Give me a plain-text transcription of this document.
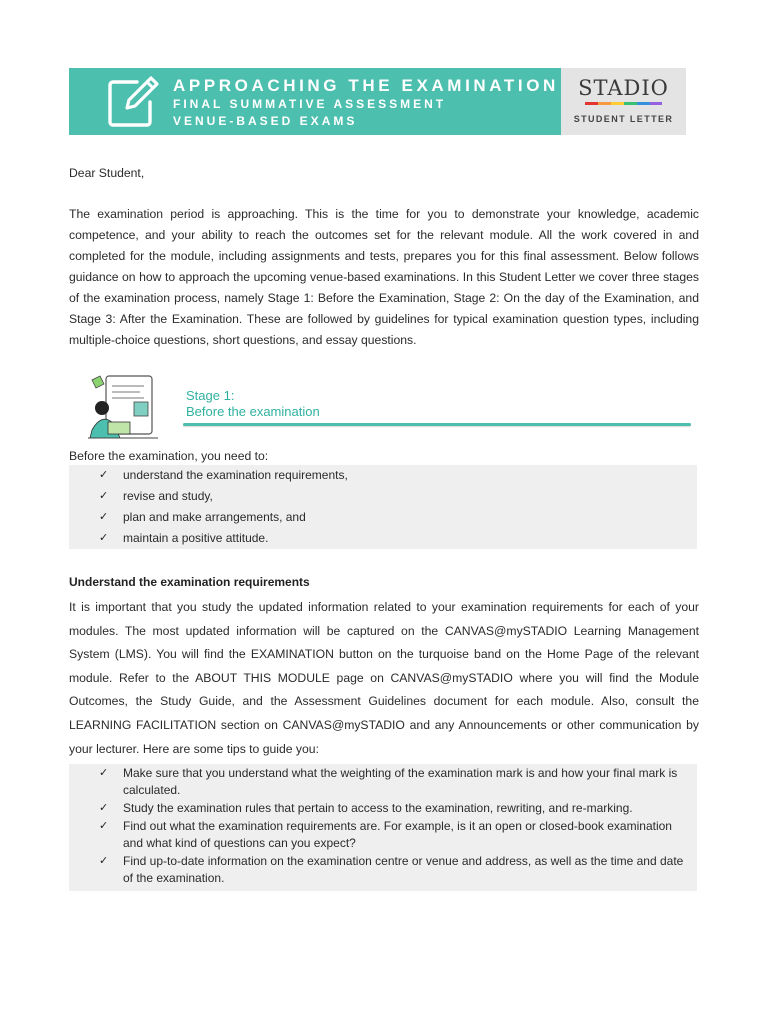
APPROACHING THE EXAMINATION
FINAL SUMMATIVE ASSESSMENT
VENUE-BASED EXAMS
STADIO
STUDENT LETTER

Dear Student,

The examination period is approaching. This is the time for you to demonstrate your knowledge, academic competence, and your ability to reach the outcomes set for the relevant module. All the work covered in and completed for the module, including assignments and tests, prepares you for this final assessment. Below follows guidance on how to approach the upcoming venue-based examinations. In this Student Letter we cover three stages of the examination process, namely Stage 1: Before the Examination, Stage 2: On the day of the Examination, and Stage 3: After the Examination. These are followed by guidelines for typical examination question types, including multiple-choice questions, short questions, and essay questions.

Stage 1:
Before the examination

Before the examination, you need to:

✓ understand the examination requirements,
✓ revise and study,
✓ plan and make arrangements, and
✓ maintain a positive attitude.
Understand the examination requirements

It is important that you study the updated information related to your examination requirements for each of your modules. The most updated information will be captured on the CANVAS@mySTADIO Learning Management System (LMS). You will find the EXAMINATION button on the turquoise band on the Home Page of the relevant module. Refer to the ABOUT THIS MODULE page on CANVAS@mySTADIO where you will find the Module Outcomes, the Study Guide, and the Assessment Guidelines document for each module. Also, consult the LEARNING FACILITATION section on CANVAS@mySTADIO and any Announcements or other communication by your lecturer. Here are some tips to guide you:

✓ Make sure that you understand what the weighting of the examination mark is and how your final mark is calculated.
✓ Study the examination rules that pertain to access to the examination, rewriting, and re-marking.
✓ Find out what the examination requirements are. For example, is it an open or closed-book examination and what kind of questions can you expect?
✓ Find up-to-date information on the examination centre or venue and address, as well as the time and date of the examination.
